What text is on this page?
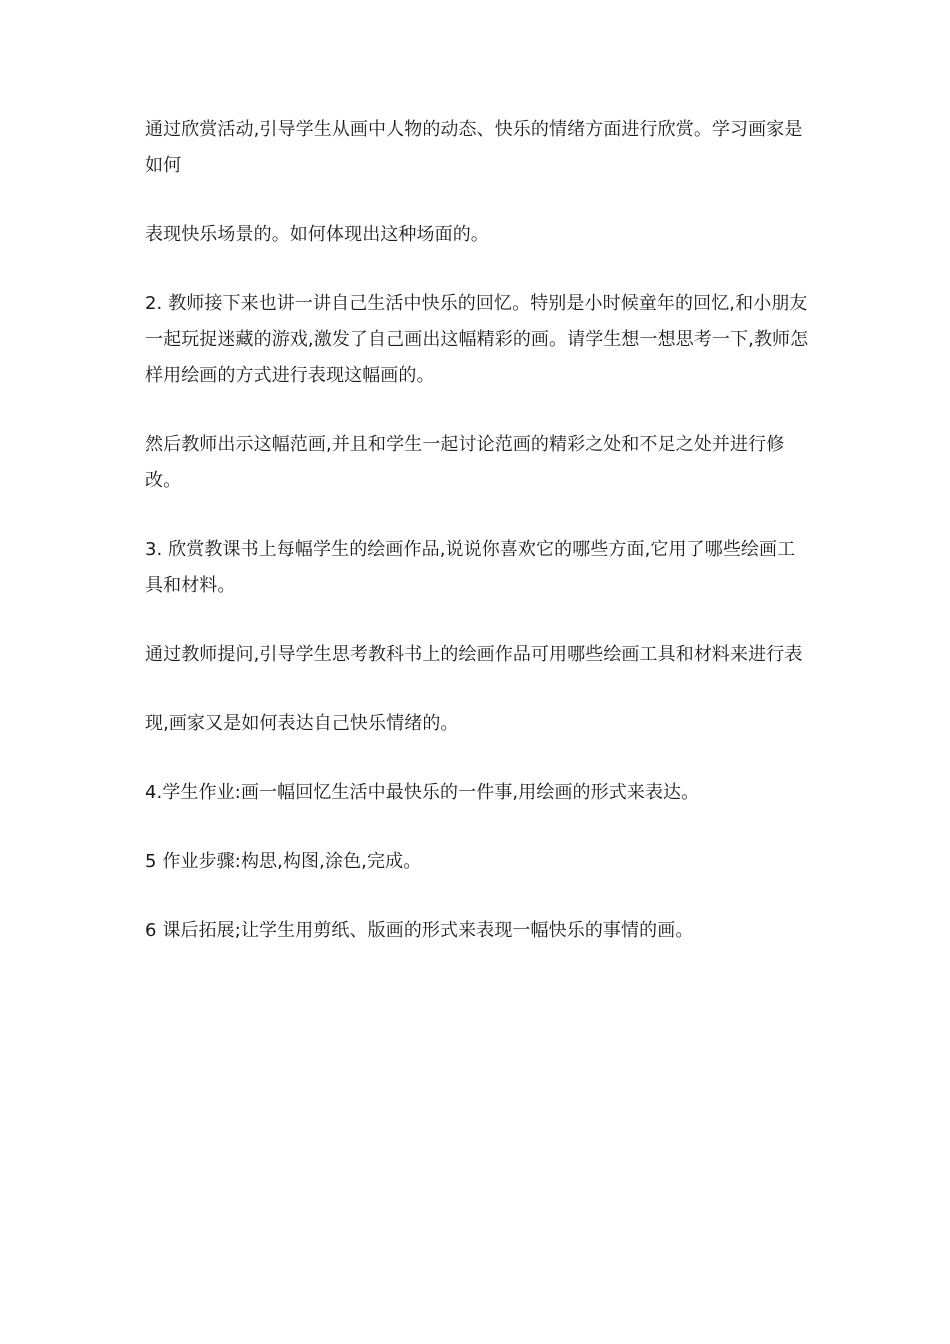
通过欣赏活动,引导学生从画中人物的动态、快乐的情绪方面进行欣赏。学习画家是如何

表现快乐场景的。如何体现出这种场面的。

2. 教师接下来也讲一讲自己生活中快乐的回忆。特别是小时候童年的回忆,和小朋友一起玩捉迷藏的游戏,激发了自己画出这幅精彩的画。请学生想一想思考一下,教师怎样用绘画的方式进行表现这幅画的。

然后教师出示这幅范画,并且和学生一起讨论范画的精彩之处和不足之处并进行修改。

3. 欣赏教课书上每幅学生的绘画作品,说说你喜欢它的哪些方面,它用了哪些绘画工具和材料。

通过教师提问,引导学生思考教科书上的绘画作品可用哪些绘画工具和材料来进行表

现,画家又是如何表达自己快乐情绪的。

4.学生作业:画一幅回忆生活中最快乐的一件事,用绘画的形式来表达。

5 作业步骤:构思,构图,涂色,完成。

6 课后拓展;让学生用剪纸、版画的形式来表现一幅快乐的事情的画。
